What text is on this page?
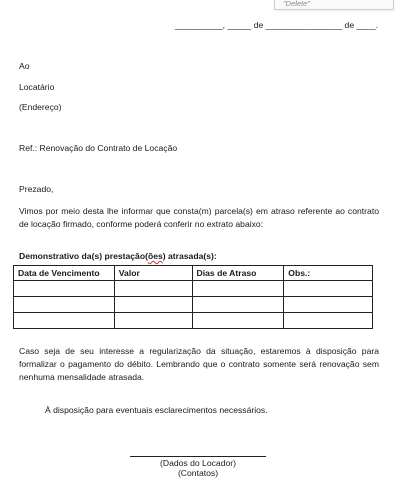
"Delete"
__________, _____ de ________________ de ____.
Ao
Locatário
(Endereço)
Ref.: Renovação do Contrato de Locação
Prezado,
Vimos por meio desta lhe informar que consta(m) parcela(s) em atraso referente ao contrato de locação firmado, conforme poderá conferir no extrato abaixo:
Demonstrativo da(s) prestação(ões) atrasada(s):
Data de Vencimento	Valor	Dias de Atraso	Obs.:

Caso seja de seu interesse a regularização da situação, estaremos à disposição para formalizar o pagamento do débito. Lembrando que o contrato somente será renovação sem nenhuma mensalidade atrasada.
À disposição para eventuais esclarecimentos necessários.
(Dados do Locador)
(Contatos)
